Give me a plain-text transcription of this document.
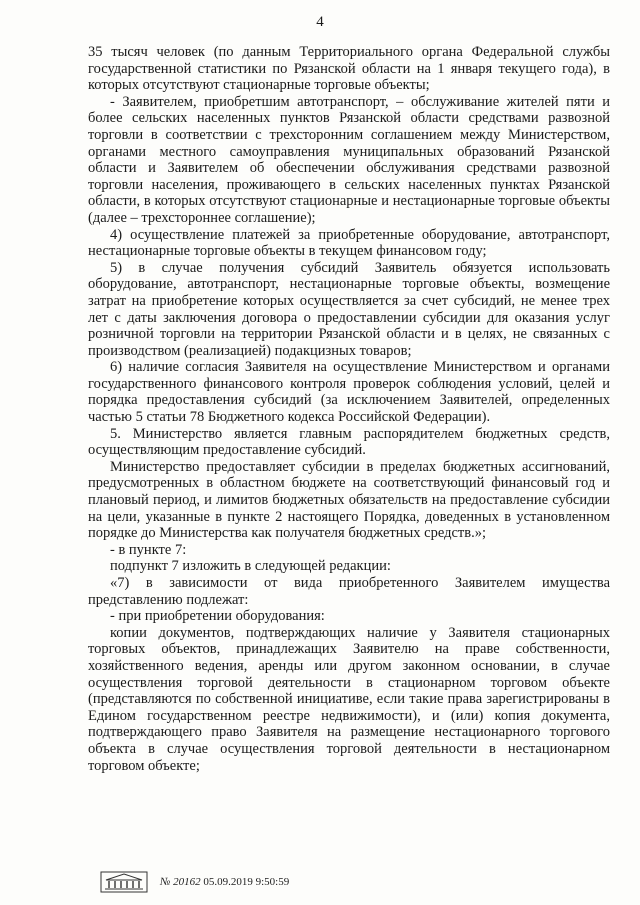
4

35 тысяч человек (по данным Территориального органа Федеральной службы государственной статистики по Рязанской области на 1 января текущего года), в которых отсутствуют стационарные торговые объекты;

- Заявителем, приобретшим автотранспорт, – обслуживание жителей пяти и более сельских населенных пунктов Рязанской области средствами развозной торговли в соответствии с трехсторонним соглашением между Министерством, органами местного самоуправления муниципальных образований Рязанской области и Заявителем об обеспечении обслуживания средствами развозной торговли населения, проживающего в сельских населенных пунктах Рязанской области, в которых отсутствуют стационарные и нестационарные торговые объекты (далее – трехстороннее соглашение);

4) осуществление платежей за приобретенные оборудование, автотранспорт, нестационарные торговые объекты в текущем финансовом году;

5) в случае получения субсидий Заявитель обязуется использовать оборудование, автотранспорт, нестационарные торговые объекты, возмещение затрат на приобретение которых осуществляется за счет субсидий, не менее трех лет с даты заключения договора о предоставлении субсидии для оказания услуг розничной торговли на территории Рязанской области и в целях, не связанных с производством (реализацией) подакцизных товаров;

6) наличие согласия Заявителя на осуществление Министерством и органами государственного финансового контроля проверок соблюдения условий, целей и порядка предоставления субсидий (за исключением Заявителей, определенных частью 5 статьи 78 Бюджетного кодекса Российской Федерации).

5. Министерство является главным распорядителем бюджетных средств, осуществляющим предоставление субсидий.

Министерство предоставляет субсидии в пределах бюджетных ассигнований, предусмотренных в областном бюджете на соответствующий финансовый год и плановый период, и лимитов бюджетных обязательств на предоставление субсидии на цели, указанные в пункте 2 настоящего Порядка, доведенных в установленном порядке до Министерства как получателя бюджетных средств.»;

- в пункте 7:

подпункт 7 изложить в следующей редакции:

«7) в зависимости от вида приобретенного Заявителем имущества представлению подлежат:

- при приобретении оборудования:

копии документов, подтверждающих наличие у Заявителя стационарных торговых объектов, принадлежащих Заявителю на праве собственности, хозяйственного ведения, аренды или другом законном основании, в случае осуществления торговой деятельности в стационарном торговом объекте (представляются по собственной инициативе, если такие права зарегистрированы в Едином государственном реестре недвижимости), и (или) копия документа, подтверждающего право Заявителя на размещение нестационарного торгового объекта в случае осуществления торговой деятельности в нестационарном торговом объекте;

№ 20162 05.09.2019 9:50:59
